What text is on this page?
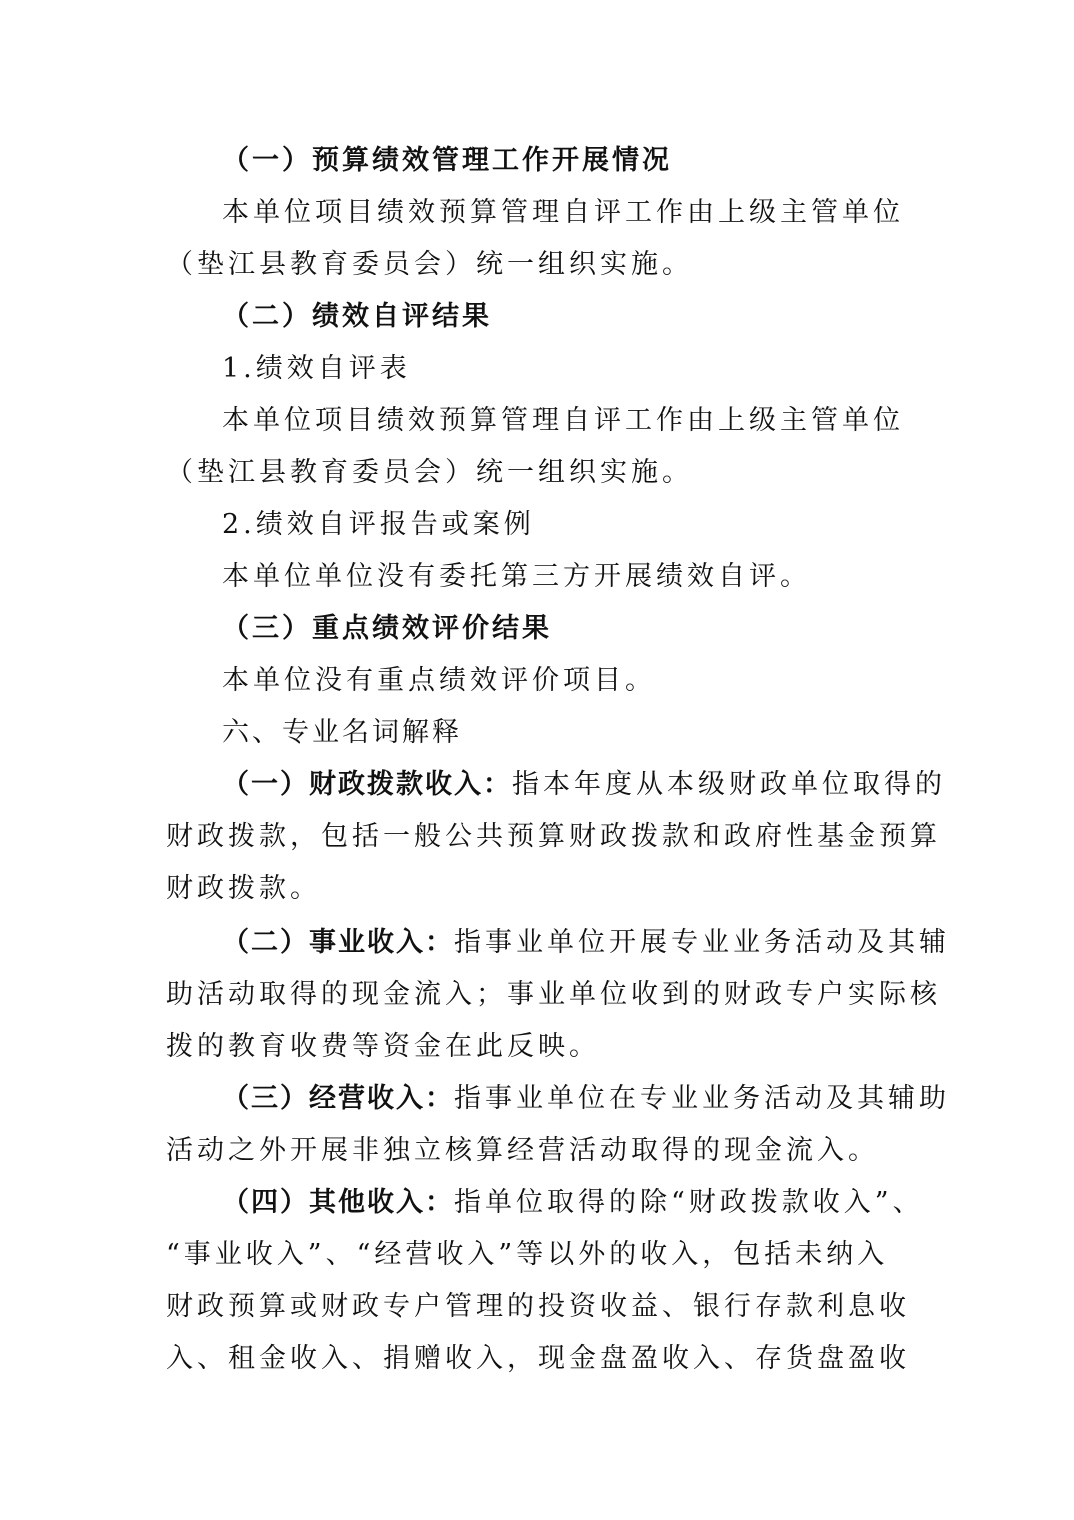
（一）预算绩效管理工作开展情况
本单位项目绩效预算管理自评工作由上级主管单位
（垫江县教育委员会）统一组织实施。
（二）绩效自评结果
1.绩效自评表
本单位项目绩效预算管理自评工作由上级主管单位
（垫江县教育委员会）统一组织实施。
2.绩效自评报告或案例
本单位单位没有委托第三方开展绩效自评。
（三）重点绩效评价结果
本单位没有重点绩效评价项目。
六、专业名词解释
（一）财政拨款收入：指本年度从本级财政单位取得的
财政拨款，包括一般公共预算财政拨款和政府性基金预算
财政拨款。
（二）事业收入：指事业单位开展专业业务活动及其辅
助活动取得的现金流入；事业单位收到的财政专户实际核
拨的教育收费等资金在此反映。
（三）经营收入：指事业单位在专业业务活动及其辅助
活动之外开展非独立核算经营活动取得的现金流入。
（四）其他收入：指单位取得的除“财政拨款收入”、
“事业收入”、“经营收入”等以外的收入，包括未纳入
财政预算或财政专户管理的投资收益、银行存款利息收
入、租金收入、捐赠收入，现金盘盈收入、存货盘盈收
